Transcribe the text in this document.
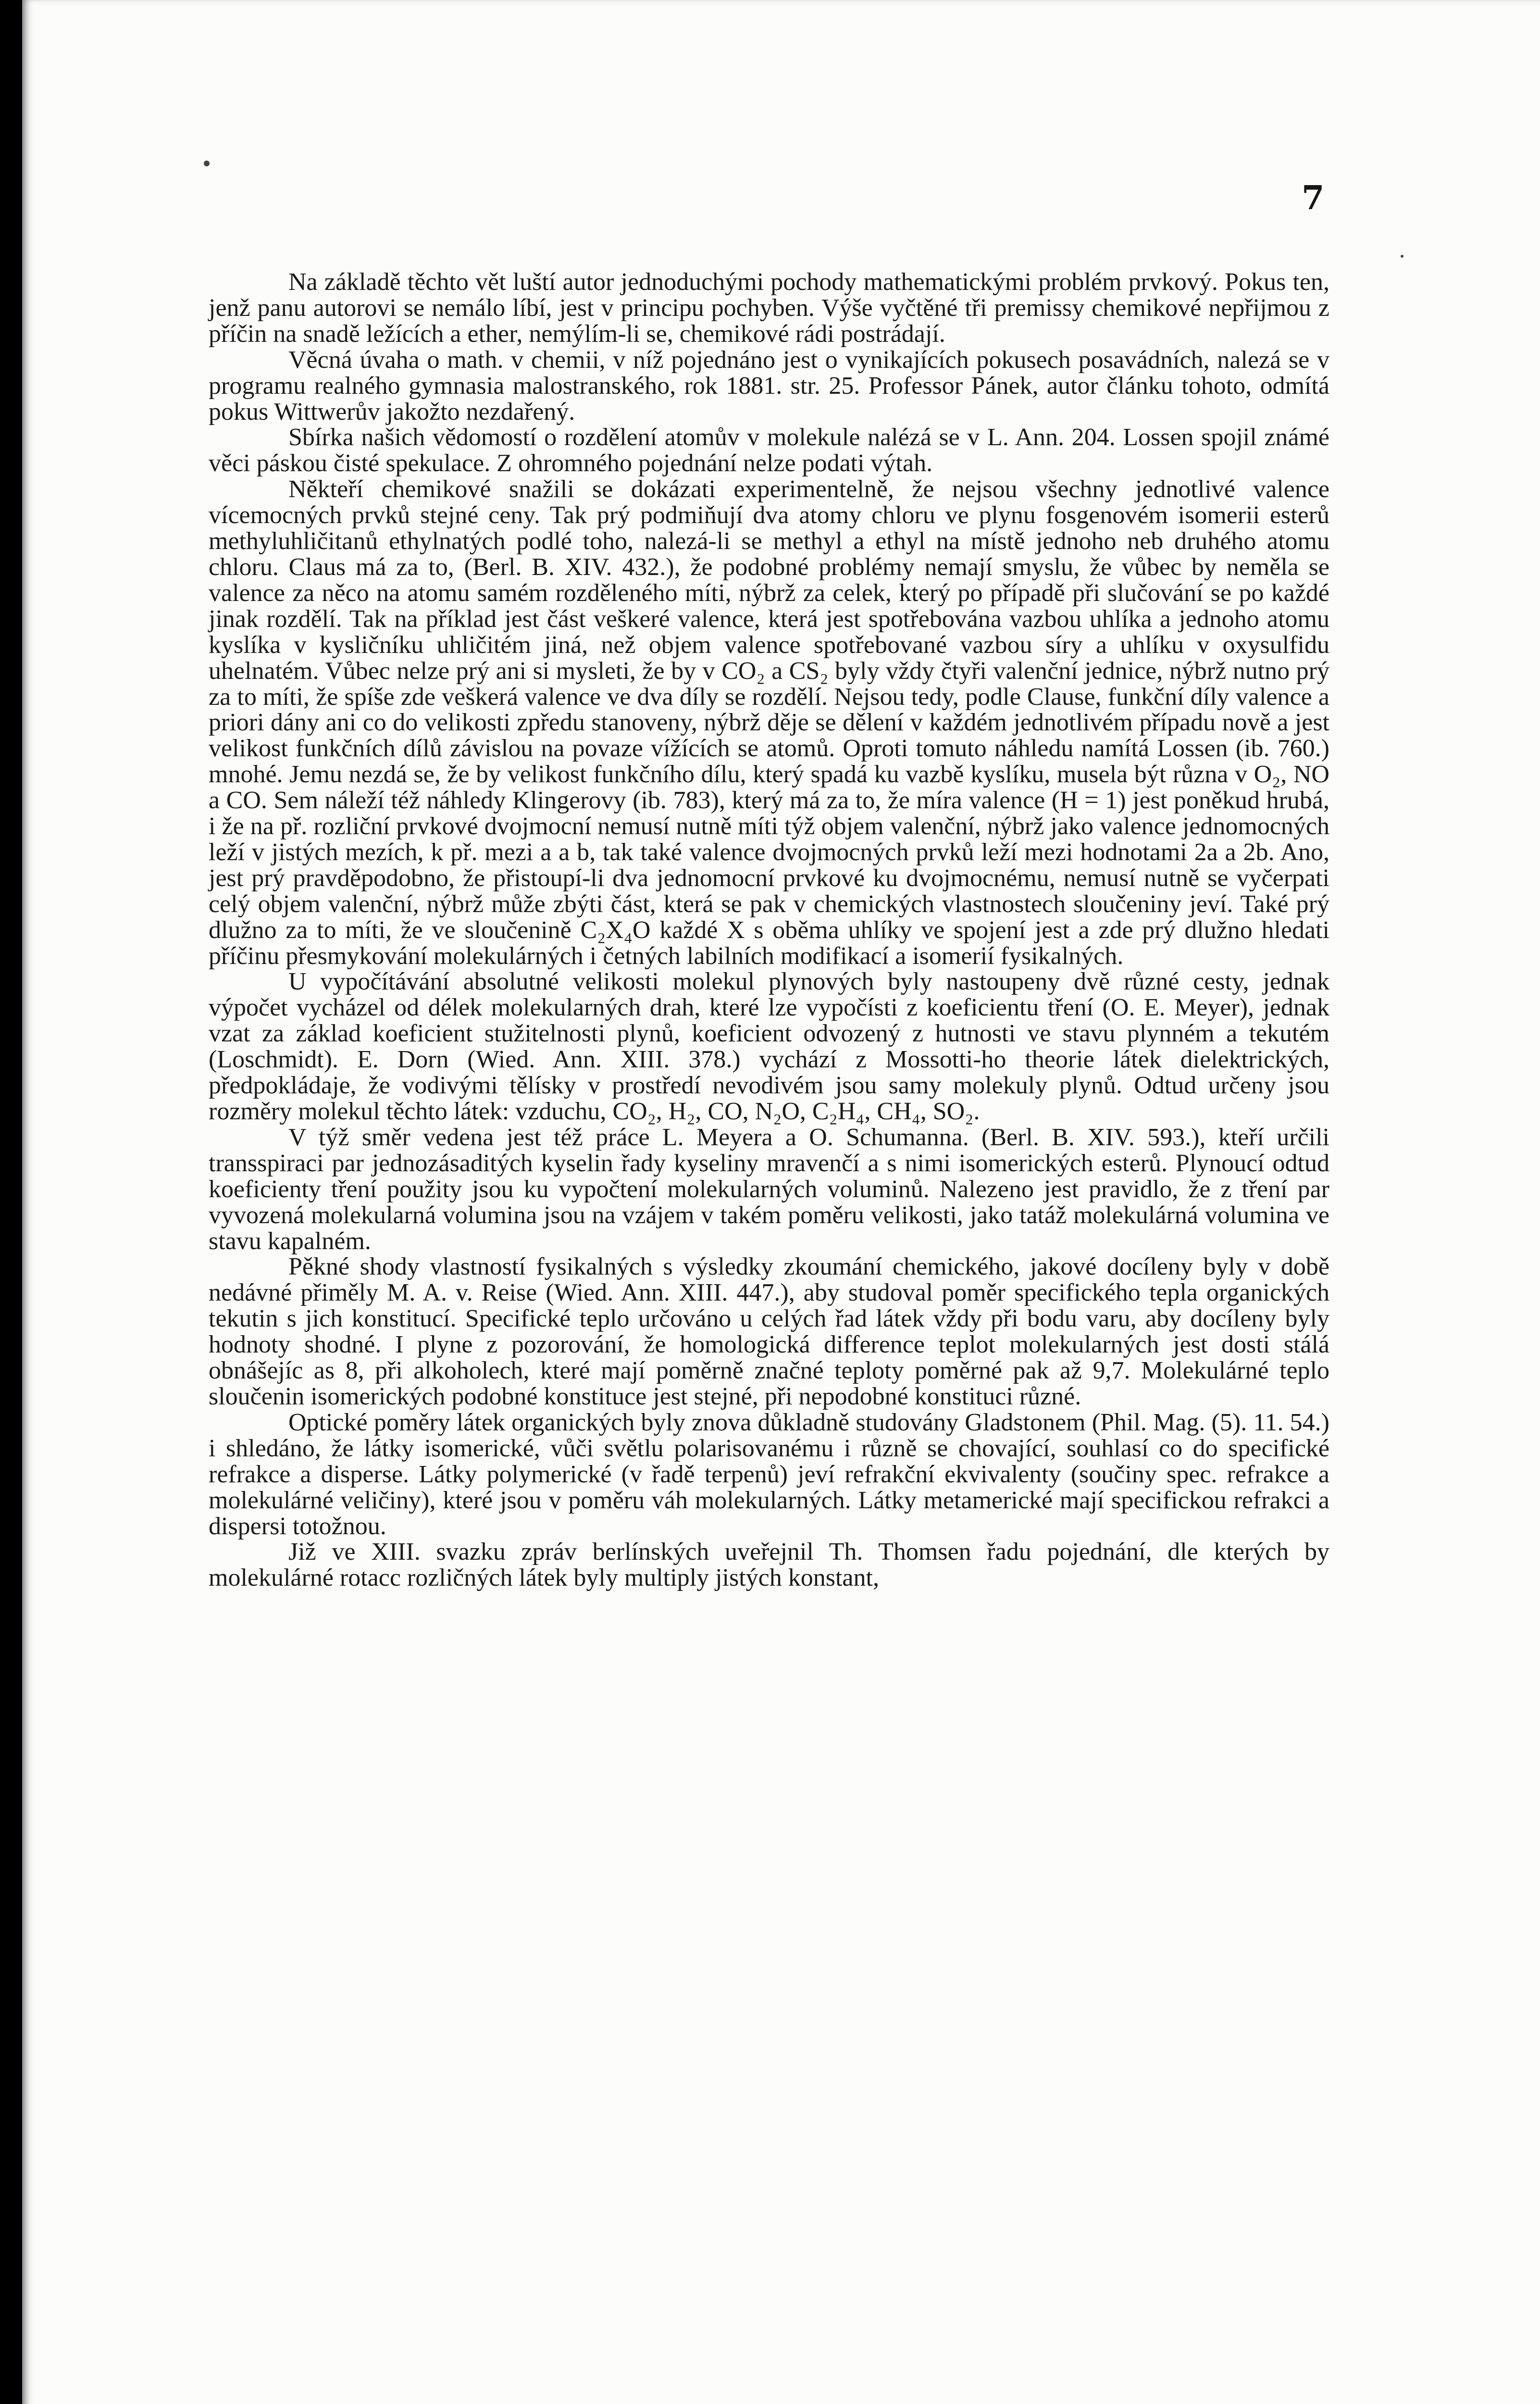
7

Na základě těchto vět luští autor jednoduchými pochody mathematickými problém prvkový. Pokus ten, jenž panu autorovi se nemálo líbí, jest v principu pochyben. Výše vyčtěné tři premissy chemikové nepřijmou z příčin na snadě ležících a ether, nemýlím-li se, chemikové rádi postrádají.

Věcná úvaha o math. v chemii, v níž pojednáno jest o vynikajících pokusech posavádních, nalezá se v programu realného gymnasia malostranského, rok 1881. str. 25. Professor Pánek, autor článku tohoto, odmítá pokus Wittwerův jakožto nezdařený.

Sbírka našich vědomostí o rozdělení atomův v molekule nalézá se v L. Ann. 204. Lossen spojil známé věci páskou čisté spekulace. Z ohromného pojednání nelze podati výtah.

Někteří chemikové snažili se dokázati experimentelně, že nejsou všechny jednotlivé valence vícemocných prvků stejné ceny. Tak prý podmiňují dva atomy chloru ve plynu fosgenovém isomerii esterů methyluhličitanů ethylnatých podlé toho, nalezá-li se methyl a ethyl na místě jednoho neb druhého atomu chloru. Claus má za to, (Berl. B. XIV. 432.), že podobné problémy nemají smyslu, že vůbec by neměla se valence za něco na atomu samém rozděleného míti, nýbrž za celek, který po případě při slučování se po každé jinak rozdělí. Tak na příklad jest část veškeré valence, která jest spotřebována vazbou uhlíka a jednoho atomu kyslíka v kysličníku uhličitém jiná, než objem valence spotřebované vazbou síry a uhlíku v oxysulfidu uhelnatém. Vůbec nelze prý ani si mysleti, že by v CO₂ a CS₂ byly vždy čtyři valenční jednice, nýbrž nutno prý za to míti, že spíše zde veškerá valence ve dva díly se rozdělí. Nejsou tedy, podle Clause, funkční díly valence a priori dány ani co do velikosti zpředu stanoveny, nýbrž děje se dělení v každém jednotlivém případu nově a jest velikost funkčních dílů závislou na povaze vížících se atomů. Oproti tomuto náhledu namítá Lossen (ib. 760.) mnohé. Jemu nezdá se, že by velikost funkčního dílu, který spadá ku vazbě kyslíku, musela být různa v O₂, NO a CO. Sem náleží též náhledy Klingerovy (ib. 783), který má za to, že míra valence (H = 1) jest poněkud hrubá, i že na př. rozliční prvkové dvojmocní nemusí nutně míti týž objem valenční, nýbrž jako valence jednomocných leží v jistých mezích, k př. mezi a a b, tak také valence dvojmocných prvků leží mezi hodnotami 2a a 2b. Ano, jest prý pravděpodobno, že přistoupí-li dva jednomocní prvkové ku dvojmocnému, nemusí nutně se vyčerpati celý objem valenční, nýbrž může zbýti část, která se pak v chemických vlastnostech sloučeniny jeví. Také prý dlužno za to míti, že ve sloučenině C₂X₄O každé X s oběma uhlíky ve spojení jest a zde prý dlužno hledati příčinu přesmykování molekulárných i četných labilních modifikací a isomerií fysikalných.

U vypočítávání absolutné velikosti molekul plynových byly nastoupeny dvě různé cesty, jednak výpočet vycházel od délek molekularných drah, které lze vypočísti z koeficientu tření (O. E. Meyer), jednak vzat za základ koeficient stužitelnosti plynů, koeficient odvozený z hutnosti ve stavu plynném a tekutém (Loschmidt). E. Dorn (Wied. Ann. XIII. 378.) vychází z Mossotti-ho theorie látek dielektrických, předpokládaje, že vodivými tělísky v prostředí nevodivém jsou samy molekuly plynů. Odtud určeny jsou rozměry molekul těchto látek: vzduchu, CO₂, H₂, CO, N₂O, C₂H₄, CH₄, SO₂.

V týž směr vedena jest též práce L. Meyera a O. Schumanna. (Berl. B. XIV. 593.), kteří určili transspiraci par jednozásaditých kyselin řady kyseliny mravenčí a s nimi isomerických esterů. Plynoucí odtud koeficienty tření použity jsou ku vypočtení molekularných voluminů. Nalezeno jest pravidlo, že z tření par vyvozená molekularná volumina jsou na vzájem v takém poměru velikosti, jako tatáž molekulárná volumina ve stavu kapalném.

Pěkné shody vlastností fysikalných s výsledky zkoumání chemického, jakové docíleny byly v době nedávné přiměly M. A. v. Reise (Wied. Ann. XIII. 447.), aby studoval poměr specifického tepla organických tekutin s jich konstitucí. Specifické teplo určováno u celých řad látek vždy při bodu varu, aby docíleny byly hodnoty shodné. I plyne z pozorování, že homologická difference teplot molekularných jest dosti stálá obnášejíc as 8, při alkoholech, které mají poměrně značné teploty poměrné pak až 9,7. Molekulárné teplo sloučenin isomerických podobné konstituce jest stejné, při nepodobné konstituci různé.

Optické poměry látek organických byly znova důkladně studovány Gladstonem (Phil. Mag. (5). 11. 54.) i shledáno, že látky isomerické, vůči světlu polarisovanému i různě se chovající, souhlasí co do specifické refrakce a disperse. Látky polymerické (v řadě terpenů) jeví refrakční ekvivalenty (součiny spec. refrakce a molekulárné veličiny), které jsou v poměru váh molekularných. Látky metamerické mají specifickou refrakci a dispersi totožnou.

Již ve XIII. svazku zpráv berlínských uveřejnil Th. Thomsen řadu pojednání, dle kterých by molekulárné rotacc rozličných látek byly multiply jistých konstant,
